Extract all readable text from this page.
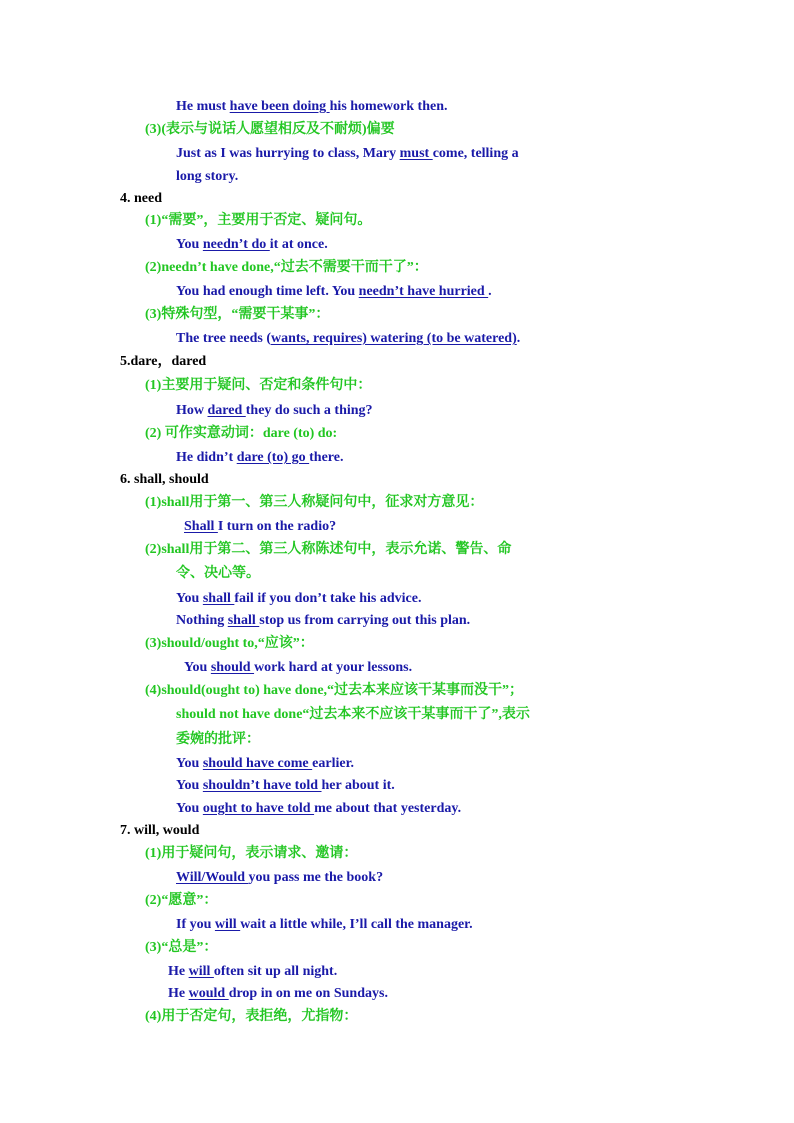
He must have been doing his homework then.
(3)(表示与说话人愿望相反及不耐烦)偏要
Just as I was hurrying to class, Mary must come, telling a
long story.
4. need
(1)“需要”，主要用于否定、疑问句。
You needn’t do it at once.
(2)needn’t have done,“过去不需要干而干了”：
You had enough time left. You needn’t have hurried .
(3)特殊句型，“需要干某事”：
The tree needs (wants, requires) watering (to be watered).
5.dare，dared
(1)主要用于疑问、否定和条件句中：
How dared they do such a thing?
(2) 可作实意动词：dare (to) do:
He didn’t dare (to) go there.
6. shall, should
(1)shall用于第一、第三人称疑问句中，征求对方意见：
Shall I turn on the radio?
(2)shall用于第二、第三人称陈述句中，表示允诺、警告、命
令、决心等。
You shall fail if you don’t take his advice.
Nothing shall stop us from carrying out this plan.
(3)should/ought to,“应该”：
You should work hard at your lessons.
(4)should(ought to) have done,“过去本来应该干某事而没干”；
should not have done“过去本来不应该干某事而干了”,表示
委婉的批评：
You should have come earlier.
You shouldn’t have told her about it.
You ought to have told me about that yesterday.
7. will, would
(1)用于疑问句，表示请求、邀请：
Will/Would you pass me the book?
(2)“愿意”：
If you will wait a little while, I’ll call the manager.
(3)“总是”：
He will often sit up all night.
He would drop in on me on Sundays.
(4)用于否定句，表拒绝，尤指物：
